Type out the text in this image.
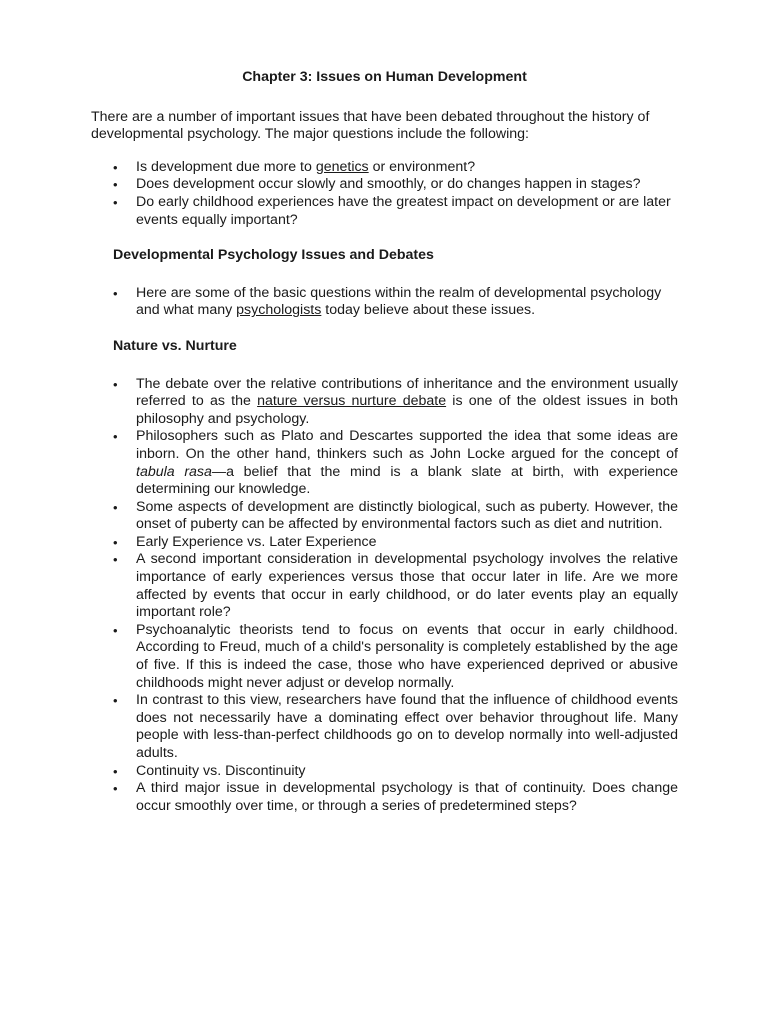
Chapter 3: Issues on Human Development
There are a number of important issues that have been debated throughout the history of developmental psychology. The major questions include the following:
• Is development due more to genetics or environment?
• Does development occur slowly and smoothly, or do changes happen in stages?
• Do early childhood experiences have the greatest impact on development or are later events equally important?
Developmental Psychology Issues and Debates
• Here are some of the basic questions within the realm of developmental psychology and what many psychologists today believe about these issues.
Nature vs. Nurture
• The debate over the relative contributions of inheritance and the environment usually referred to as the nature versus nurture debate is one of the oldest issues in both philosophy and psychology.
• Philosophers such as Plato and Descartes supported the idea that some ideas are inborn. On the other hand, thinkers such as John Locke argued for the concept of tabula rasa—a belief that the mind is a blank slate at birth, with experience determining our knowledge.
• Some aspects of development are distinctly biological, such as puberty. However, the onset of puberty can be affected by environmental factors such as diet and nutrition.
• Early Experience vs. Later Experience
• A second important consideration in developmental psychology involves the relative importance of early experiences versus those that occur later in life. Are we more affected by events that occur in early childhood, or do later events play an equally important role?
• Psychoanalytic theorists tend to focus on events that occur in early childhood. According to Freud, much of a child's personality is completely established by the age of five. If this is indeed the case, those who have experienced deprived or abusive childhoods might never adjust or develop normally.
• In contrast to this view, researchers have found that the influence of childhood events does not necessarily have a dominating effect over behavior throughout life. Many people with less-than-perfect childhoods go on to develop normally into well-adjusted adults.
• Continuity vs. Discontinuity
• A third major issue in developmental psychology is that of continuity. Does change occur smoothly over time, or through a series of predetermined steps?
